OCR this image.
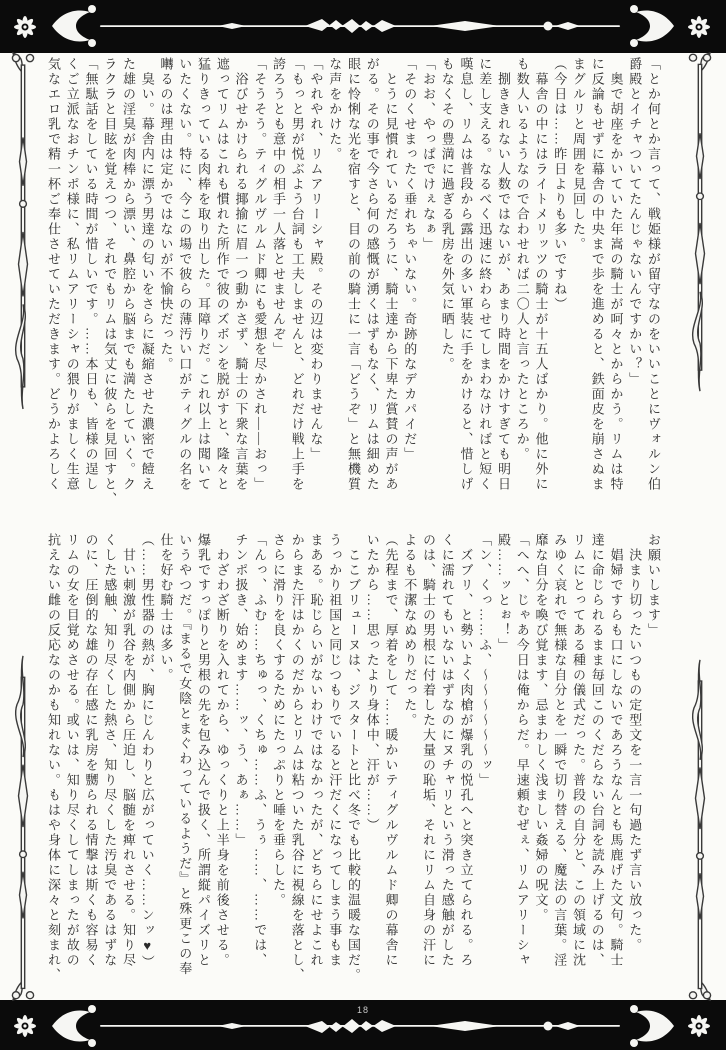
18

「とか何とか言って、戦姫様が留守なのをいいことにヴォルン伯

爵殿とイチャついてたんじゃないんですかい？」

奥で胡座をかいていた年嵩の騎士が呵々とからかう。リムは特

に反論もせずに幕舎の中央まで歩を進めると、鉄面皮を崩さぬま

まグルリと周囲を見回した。

（今日は……昨日よりも多いですね）

幕舎の中にはライトメリッツの騎士が十五人ばかり。他に外に

も数人いるようなので合わせれば二〇人と言ったところか。

捌ききれない人数ではないが、あまり時間をかけすぎても明日

に差し支える。なるべく迅速に終わらせてしまわなければと短く

嘆息し、リムは普段から露出の多い軍装に手をかけると、惜しげ

もなくその豊満に過ぎる乳房を外気に晒した。

「おお、やっぱでけぇなぁ」

「そのくせまったく垂れちゃいない。奇跡的なデカパイだ」

とうに見慣れているだろうに、騎士達から下卑た賞賛の声があ

がる。その事で今さら何の感慨が湧くはずもなく、リムは細めた

眼に怜悧な光を宿すと、目の前の騎士に一言「どうぞ」と無機質

な声をかけた。

「やれやれ、リムアリーシャ殿。その辺は変わりませんな」

「もっと男が悦ぶよう台詞も工夫しませんと、どれだけ戦上手を

誇ろうとも意中の相手一人落とせませんぞ」

「そうそう。ティグルヴルムド卿にも愛想を尽かされ――おっ」

浴びせかけられる揶揄に眉一つ動かさず、騎士の下衆な言葉を

遮ってリムはこれも慣れた所作で彼のズボンを脱がすと、隆々と

猛りきっている肉棒を取り出した。耳障りだ。これ以上は聞いて

いたくない。特に、今この場で彼らの薄汚い口がティグルの名を

囀るのは理由は定かではないが不愉快だった。

臭い。幕舎内に漂う男達の匂いをさらに凝縮させた濃密で饐え

た雄の淫臭が肉棒から漂い、鼻腔から脳までも満たしていく。ク

ラクラと目眩を覚えつつ、それでもリムは気丈に彼らを見回すと、

「無駄話をしている時間が惜しいです。……本日も、皆様の逞し

くご立派なおチンポ様に、私リムアリーシャの猥りがましく生意

気なエロ乳で精一杯ご奉仕させていただきます。どうかよろしく

お願いします」

決まり切ったいつもの定型文を一言一句過たず言い放った。

娼婦ですらも口にしないであろうなんとも馬鹿げた文句。騎士

達に命じられるまま毎回このくだらない台詞を読み上げるのは、

リムにとってある種の儀式だった。普段の自分と、この領域に沈

みゆく哀れで無様な自分とを一瞬で切り替える、魔法の言葉。淫

靡な自分を喚び覚ます、忌まわしく浅ましい姦婦の呪文。

「へへ、じゃあ今日は俺からだ。早速頼むぜぇ、リムアリーシャ

殿……ッとぉ！」

「ン、くっ……ふ、〜〜〜〜〜〜ッ」

ズブリ、と勢いよく肉槍が爆乳の悦孔へと突き立てられる。ろ

くに濡れてもいないはずなのにヌチャリという滑った感触がした

のは、騎士の男根に付着した大量の恥垢、それにリム自身の汗に

よるも不潔なぬめりだった。

（先程まで、厚着をして……暖かいティグルヴルムド卿の幕舎に

いたから……思ったより身体中、汗が……）

ここブリューヌは、ジスタートと比べ冬でも比較的温暖な国だ。

うっかり祖国と同じつもりでいると汗だくになってしまう事もま

まある。恥じらいがないわけではなかったが、どちらにせよこれ

からまた汗はかくのだからとリムは粘ついた乳谷に視線を落とし、

さらに滑りを良くするためにたっぷりと唾を垂らした。

「んっ、ふむ……ちゅっ、くちゅ……ふ、うぅ……、……では、

チンポ扱き、始めます……ッ、う、あぁ……」

わざわざ断りを入れてから、ゆっくりと上半身を前後させる。

爆乳ですっぽりと男根の先を包み込んで扱く、所謂縦パイズリと

いうやつだ。『まるで女陰とまぐわっているようだ』と殊更この奉

仕を好む騎士は多い。

（……男性器の熱が、胸にじんわりと広がっていく……ンッ♥）

甘い刺激が乳谷を内側から圧迫し、脳髄を痺れさせる。知り尽

くした感触、知り尽くした熱さ、知り尽くした汚臭であるはずな

のに、圧倒的な雄の存在感に乳房を嬲られる情撃は斯くも容易く

リムの女を目覚めさせる。或いは、知り尽くしてしまったが故の

抗えない雌の反応なのかも知れない。もはや身体に深々と刻まれ、
